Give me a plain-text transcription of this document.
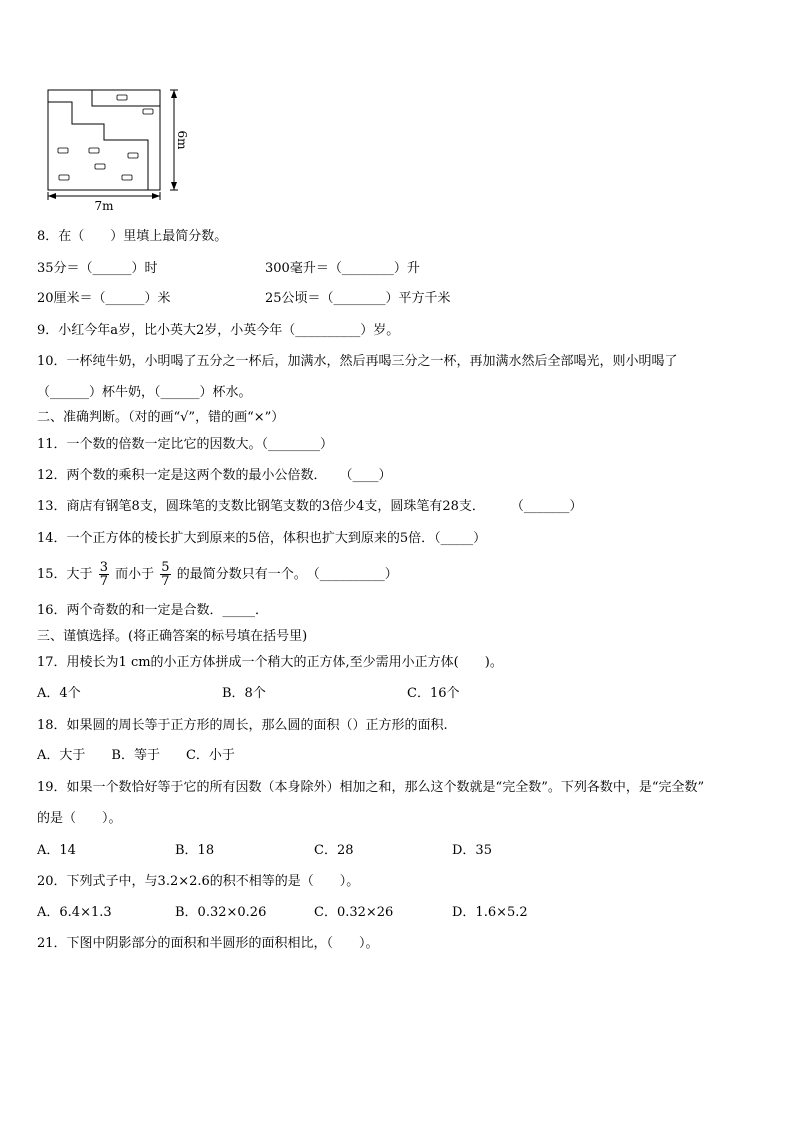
6m
7m
8．在（　　）里填上最简分数。
35分＝（______）时	300毫升＝（________）升
20厘米＝（______）米	25公顷＝（________）平方千米
9．小红今年a岁，比小英大2岁，小英今年（__________）岁。
10．一杯纯牛奶，小明喝了五分之一杯后，加满水，然后再喝三分之一杯，再加满水然后全部喝光，则小明喝了
（______）杯牛奶，（______）杯水。
二、准确判断。（对的画“√”，错的画“×”）
11．一个数的倍数一定比它的因数大。（________）
12．两个数的乘积一定是这两个数的最小公倍数．　　（____）
13．商店有钢笔8支，圆珠笔的支数比钢笔支数的3倍少4支，圆珠笔有28支．　　　（_______）
14．一个正方体的棱长扩大到原来的5倍，体积也扩大到原来的5倍．（_____）
15．大于 $\frac{3}{7}$ 而小于 $\frac{5}{7}$ 的最简分数只有一个。　（__________）
16．两个奇数的和一定是合数．_____．
三、谨慎选择。(将正确答案的标号填在括号里)
17．用棱长为1 cm的小正方体拼成一个稍大的正方体,至少需用小正方体(　　)。
A．4个	B．8个	C．16个
18．如果圆的周长等于正方形的周长，那么圆的面积（）正方形的面积.
A．大于　　B．等于　　C．小于
19．如果一个数恰好等于它的所有因数（本身除外）相加之和，那么这个数就是“完全数”。下列各数中，是“完全数”
的是（　　）。
A．14	B．18	C．28	D．35
20．下列式子中，与3.2×2.6的积不相等的是（　　）。
A．6.4×1.3	B．0.32×0.26	C．0.32×26	D．1.6×5.2
21．下图中阴影部分的面积和半圆形的面积相比，（　　）。
